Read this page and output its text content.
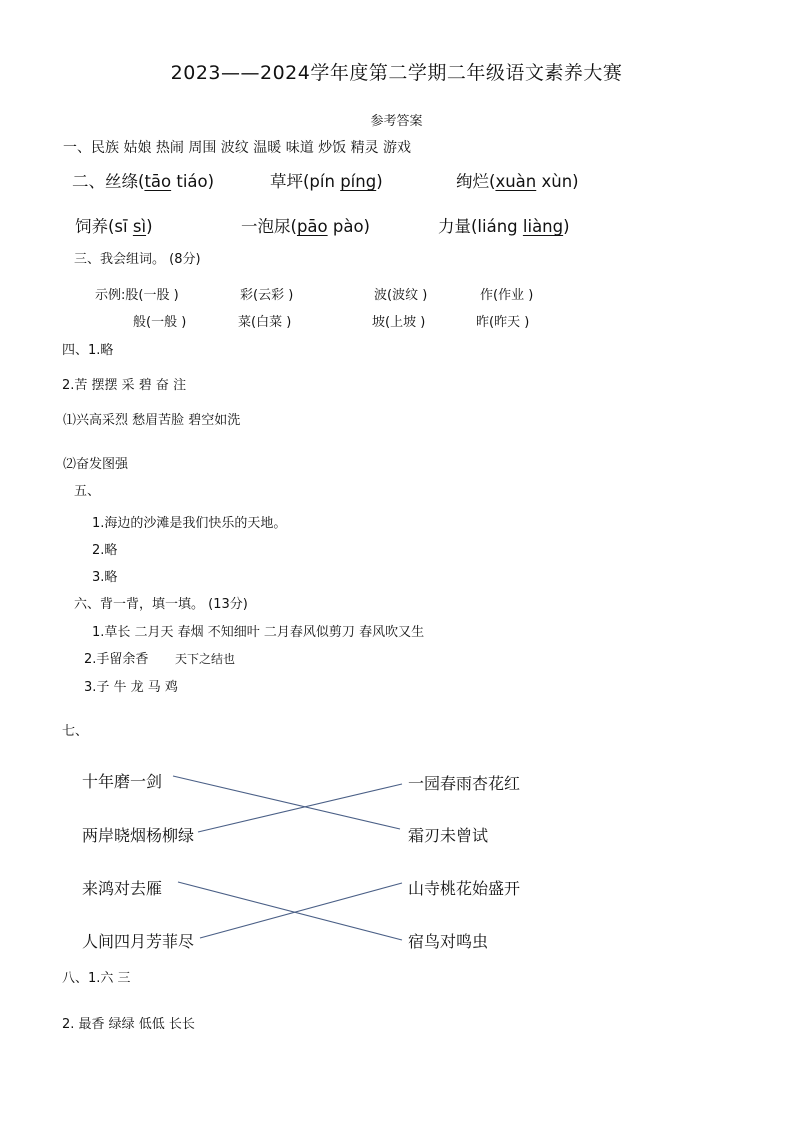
2023——2024学年度第二学期二年级语文素养大赛
参考答案
一、民族 姑娘 热闹 周围 波纹 温暖 味道 炒饭 精灵 游戏
二、丝绦(tāo tiáo)	草坪(pín píng)	绚烂(xuàn xùn)
饲养(sī sì)	一泡尿(pāo pào)	力量(liáng liàng)
三、我会组词。 (8分)
示例:股(一股 )	彩(云彩 )	波(波纹 )	作(作业 )
般(一般 )	菜(白菜 )	坡(上坡 )	昨(昨天 )
四、1.略
2.苦 摆摆 采 碧 奋 注
⑴兴高采烈 愁眉苦脸 碧空如洗
⑵奋发图强
五、
1.海边的沙滩是我们快乐的天地。
2.略
3.略
六、背一背，填一填。 (13分)
1.草长 二月天 春烟 不知细叶 二月春风似剪刀 春风吹又生
2.手留余香 天下之结也
3.子 牛 龙 马 鸡
七、
十年磨一剑
两岸晓烟杨柳绿
来鸿对去雁
人间四月芳菲尽
一园春雨杏花红
霜刃未曾试
山寺桃花始盛开
宿鸟对鸣虫
八、1.六 三
2. 最香 绿绿 低低 长长
